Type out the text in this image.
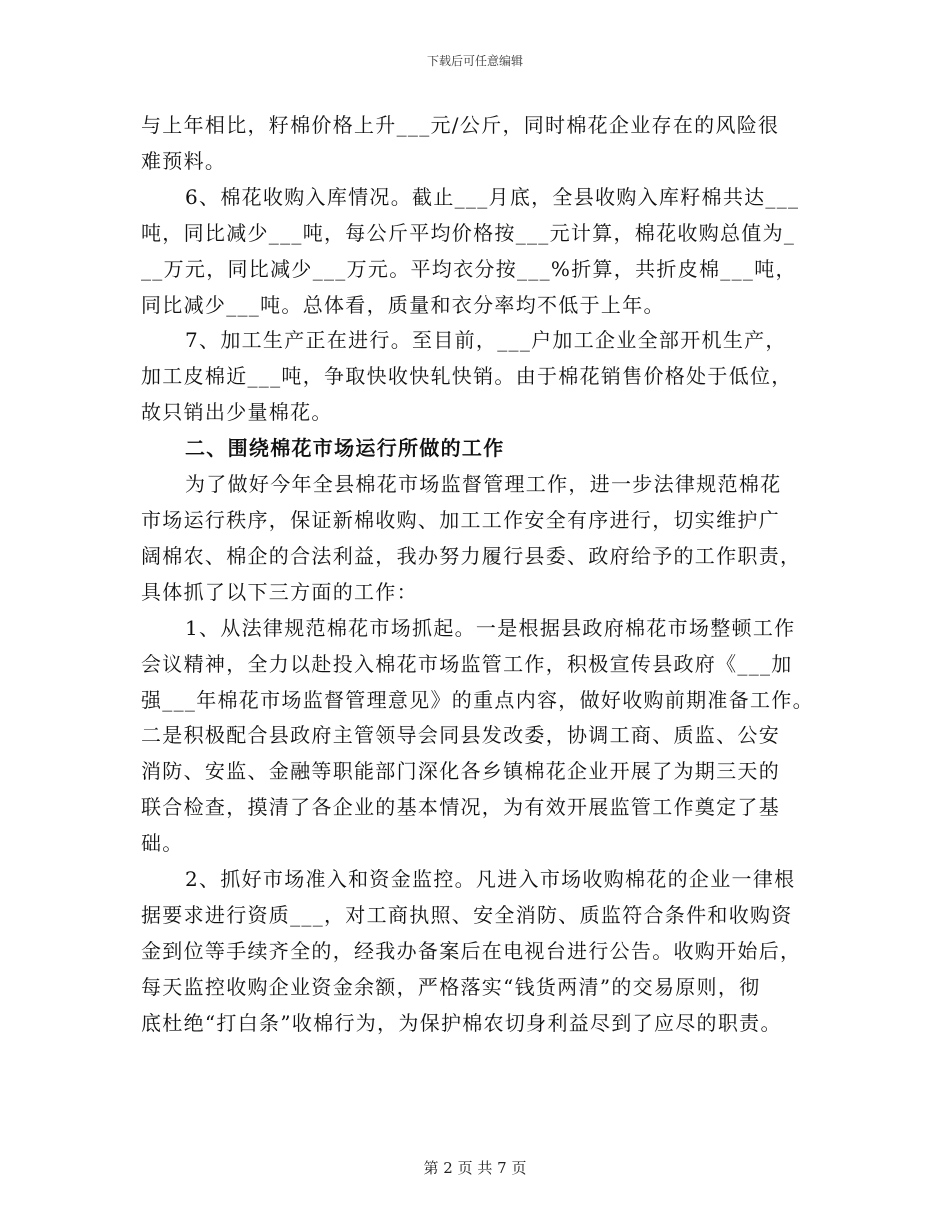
下载后可任意编辑
与上年相比，籽棉价格上升___元/公斤，同时棉花企业存在的风险很
难预料。
6、棉花收购入库情况。截止___月底，全县收购入库籽棉共达___
吨，同比减少___吨，每公斤平均价格按___元计算，棉花收购总值为_
__万元，同比减少___万元。平均衣分按___%折算，共折皮棉___吨，
同比减少___吨。总体看，质量和衣分率均不低于上年。
7、加工生产正在进行。至目前，___户加工企业全部开机生产，
加工皮棉近___吨，争取快收快轧快销。由于棉花销售价格处于低位，
故只销出少量棉花。
二、围绕棉花市场运行所做的工作
为了做好今年全县棉花市场监督管理工作，进一步法律规范棉花
市场运行秩序，保证新棉收购、加工工作安全有序进行，切实维护广
阔棉农、棉企的合法利益，我办努力履行县委、政府给予的工作职责，
具体抓了以下三方面的工作：
1、从法律规范棉花市场抓起。一是根据县政府棉花市场整顿工作
会议精神，全力以赴投入棉花市场监管工作，积极宣传县政府《___加
强___年棉花市场监督管理意见》的重点内容，做好收购前期准备工作。
二是积极配合县政府主管领导会同县发改委，协调工商、质监、公安
消防、安监、金融等职能部门深化各乡镇棉花企业开展了为期三天的
联合检查，摸清了各企业的基本情况，为有效开展监管工作奠定了基
础。
2、抓好市场准入和资金监控。凡进入市场收购棉花的企业一律根
据要求进行资质___，对工商执照、安全消防、质监符合条件和收购资
金到位等手续齐全的，经我办备案后在电视台进行公告。收购开始后，
每天监控收购企业资金余额，严格落实“钱货两清”的交易原则，彻
底杜绝“打白条”收棉行为，为保护棉农切身利益尽到了应尽的职责。
第 2 页 共 7 页
